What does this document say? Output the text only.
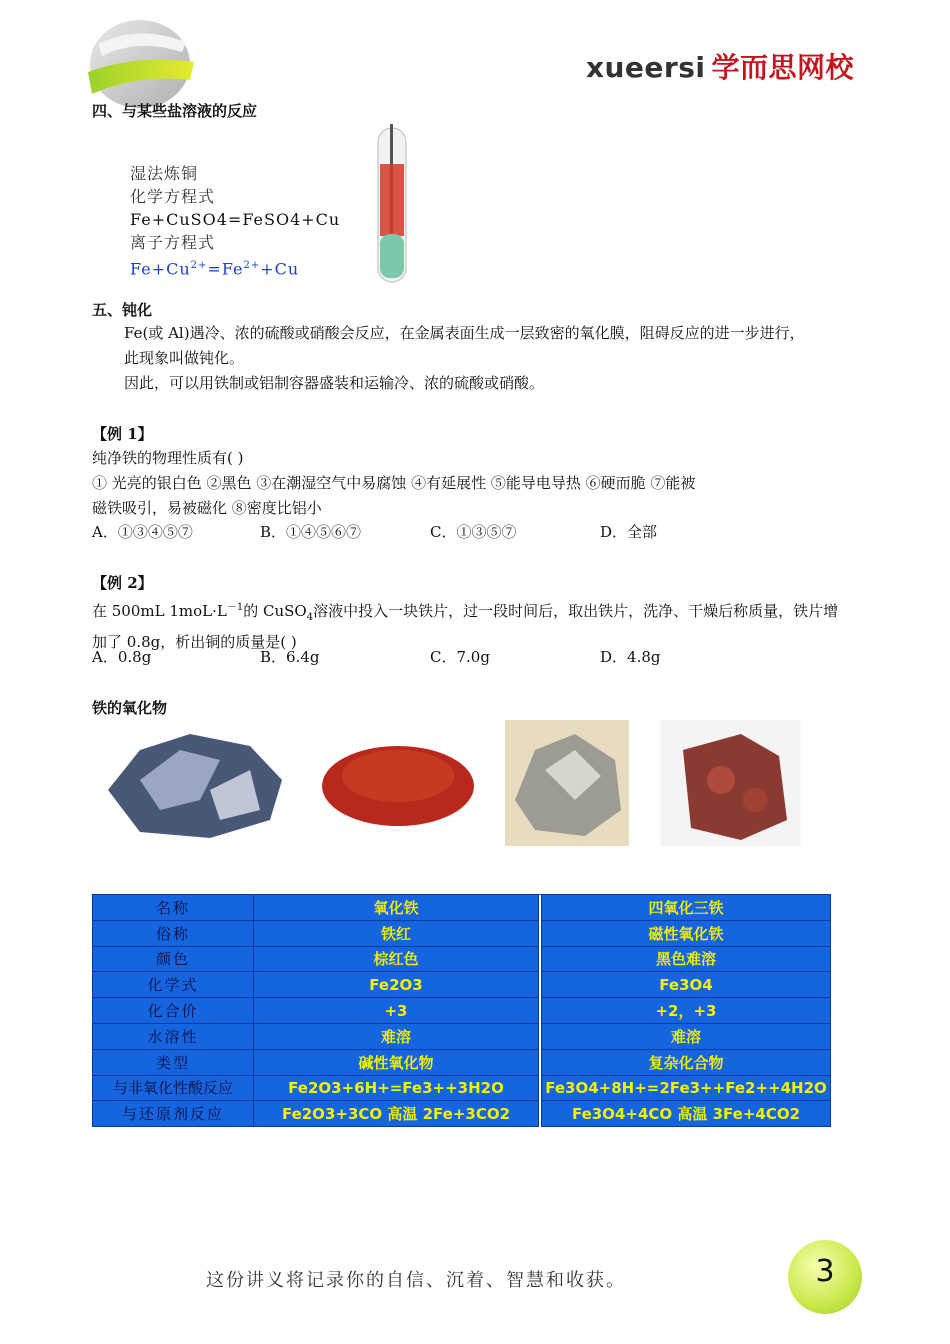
xueersi 学而思网校
四、与某些盐溶液的反应
湿法炼铜
化学方程式
Fe+CuSO4=FeSO4+Cu
离子方程式
$Fe+Cu^{2+}=Fe^{2+}+Cu$
五、钝化
Fe(或 Al)遇冷、浓的硫酸或硝酸会反应，在金属表面生成一层致密的氧化膜，阻碍反应的进一步进行，
此现象叫做钝化。
因此，可以用铁制或铝制容器盛装和运输冷、浓的硫酸或硝酸。
【例 1】
纯净铁的物理性质有( )
① 光亮的银白色 ②黑色 ③在潮湿空气中易腐蚀 ④有延展性 ⑤能导电导热 ⑥硬而脆 ⑦能被
磁铁吸引，易被磁化 ⑧密度比铝小
A．①③④⑤⑦	B．①④⑤⑥⑦	C．①③⑤⑦	D．全部
【例 2】
在 500mL $1moL\cdot L^{-1}$的 CuSO$_4$溶液中投入一块铁片，过一段时间后，取出铁片，洗净、干燥后称质量，铁片增
加了 0.8g，析出铜的质量是( )
A．0.8g	B．6.4g	C．7.0g	D．4.8g
铁的氧化物
名称	氧化铁		四氧化三铁
俗称	铁红		磁性氧化铁
颜色	棕红色		黑色难溶
化学式	Fe2O3		Fe3O4
化合价	+3		+2，+3
水溶性	难溶		难溶
类型	碱性氧化物		复杂化合物
与非氧化性酸反应	Fe2O3+6H+=Fe3++3H2O		Fe3O4+8H+=2Fe3++Fe2++4H2O
与还原剂反应	Fe2O3+3CO 高温 2Fe+3CO2		Fe3O4+4CO 高温 3Fe+4CO2
这份讲义将记录你的自信、沉着、智慧和收获。	3
